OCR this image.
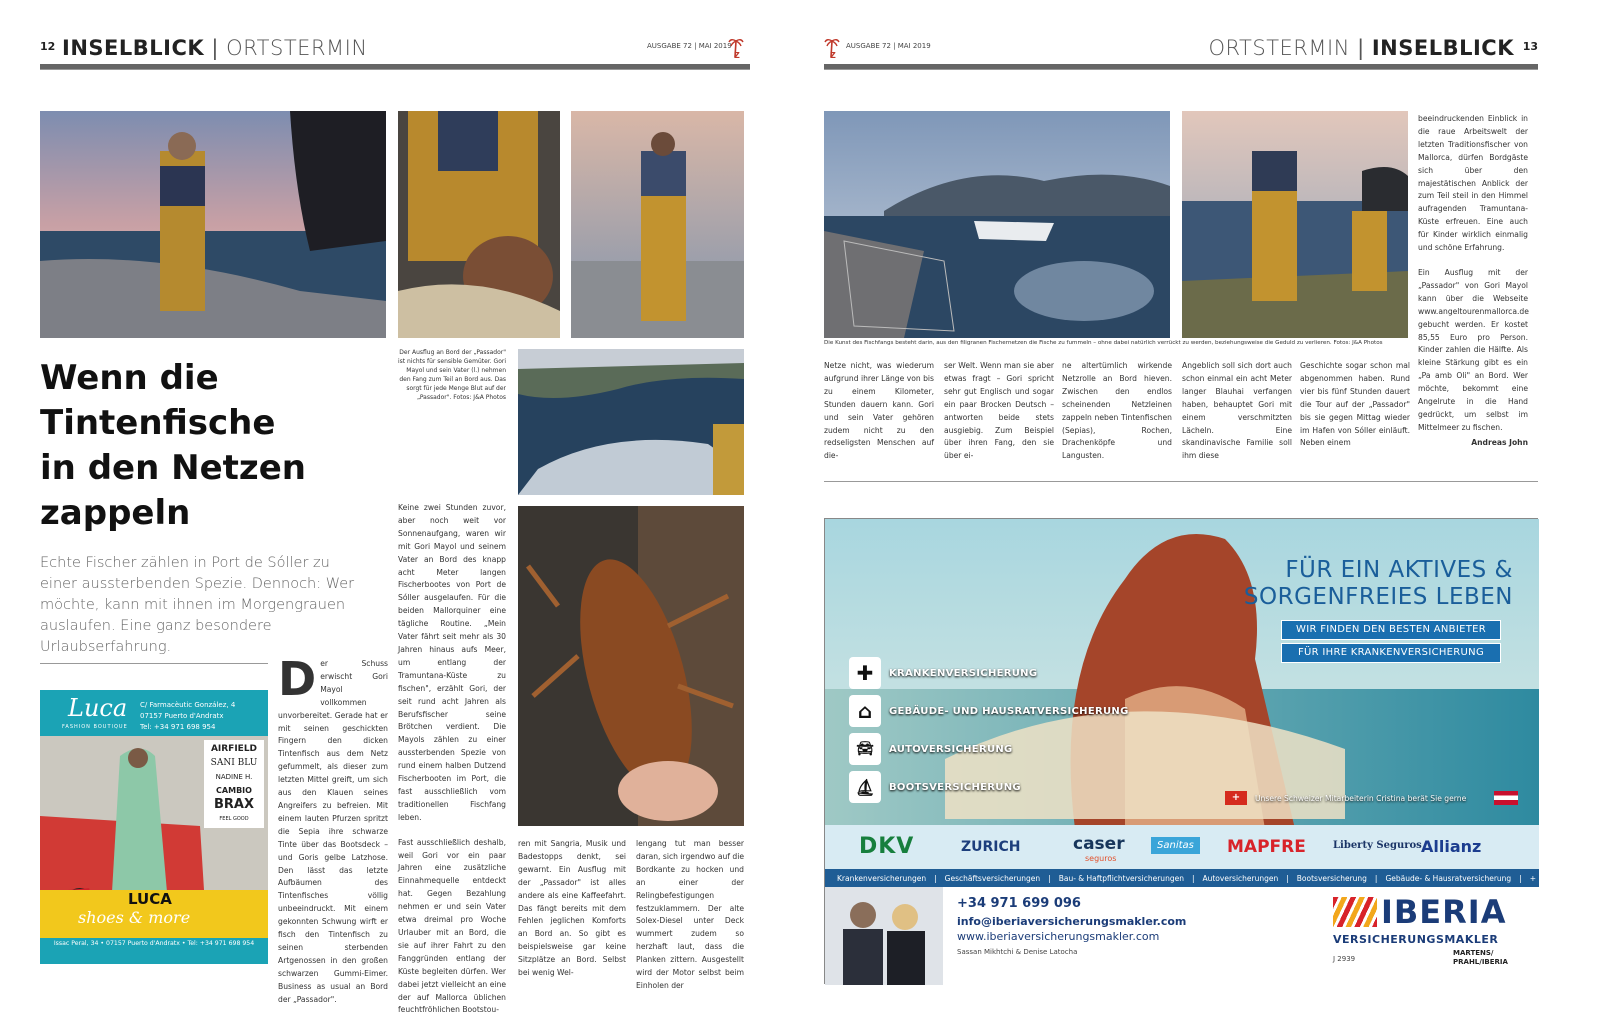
12 INSELBLICK | ORTSTERMIN	AUSGABE 72 | MAI 2019
Z
Der Ausflug an Bord der „Passador" ist nichts für sensible Gemüter. Gori Mayol und sein Vater (l.) nehmen den Fang zum Teil an Bord aus. Das sorgt für jede Menge Blut auf der „Passador". Fotos: J&A Photos
Wenn die
Tintenfische
in den Netzen
zappeln
Echte Fischer zählen in Port de Sóller zu einer aussterbenden Spezie. Dennoch: Wer möchte, kann mit ihnen im Morgengrauen auslaufen. Eine ganz besondere Urlaubserfahrung.
Der Schuss erwischt Gori Mayol vollkommen unvorbereitet. Gerade hat er mit seinen geschickten Fingern den dicken Tintenfisch aus dem Netz gefummelt, als dieser zum letzten Mittel greift, um sich aus den Klauen seines Angreifers zu befreien. Mit einem lauten Pfurzen spritzt die Sepia ihre schwarze Tinte über das Bootsdeck – und Goris gelbe Latzhose. Den lässt das letzte Aufbäumen des Tintenfisches völlig unbeeindruckt. Mit einem gekonnten Schwung wirft er fisch den Tintenfisch zu seinen sterbenden Artgenossen in den großen schwarzen Gummi-Eimer. Business as usual an Bord der „Passador".

Keine zwei Stunden zuvor, aber noch weit vor Sonnenaufgang, waren wir mit Gori Mayol und seinem Vater an Bord des knapp acht Meter langen Fischerbootes von Port de Sóller ausgelaufen. Für die beiden Mallorquiner eine tägliche Routine. „Mein Vater fährt seit mehr als 30 Jahren hinaus aufs Meer, um entlang der Tramuntana-Küste zu fischen", erzählt Gori, der seit rund acht Jahren als Berufsfischer seine Brötchen verdient. Die Mayols zählen zu einer aussterbenden Spezie von rund einem halben Dutzend Fischerbooten im Port, die fast ausschließlich vom traditionellen Fischfang leben.

Fast ausschließlich deshalb, weil Gori vor ein paar Jahren eine zusätzliche Einnahmequelle entdeckt hat. Gegen Bezahlung nehmen er und sein Vater etwa dreimal pro Woche Urlauber mit an Bord, die sie auf ihrer Fahrt zu den Fanggründen entlang der Küste begleiten dürfen. Wer dabei jetzt vielleicht an eine der auf Mallorca üblichen feuchtfröhlichen Bootstou-

ren mit Sangria, Musik und Badestopps denkt, sei gewarnt. Ein Ausflug mit der „Passador" ist alles andere als eine Kaffeefahrt. Das fängt bereits mit dem Fehlen jeglichen Komforts an Bord an. So gibt es beispielsweise gar keine Sitzplätze an Bord. Selbst bei wenig Wel-
lengang tut man besser daran, sich irgendwo auf die Bordkante zu hocken und an einer der Relingbefestigungen festzuklammern. Der alte Solex-Diesel unter Deck wummert zudem so herzhaft laut, dass die Planken zittern. Ausgestellt wird der Motor selbst beim Einholen der
Luca
FASHION BOUTIQUE
C/ Farmacèutic González, 4
07157 Puerto d'Andratx
Tel: +34 971 698 954
AIRFIELD
SANI BLU
NADINE H.
CAMBIO
BRAX
FEEL GOOD
LUCA
shoes & more
Issac Peral, 34 • 07157 Puerto d'Andratx • Tel: +34 971 698 954
Z
AUSGABE 72 | MAI 2019	ORTSTERMIN | INSELBLICK 13
Die Kunst des Fischfangs besteht darin, aus den filigranen Fischernetzen die Fische zu fummeln – ohne dabei natürlich verrückt zu werden, beziehungsweise die Geduld zu verlieren. Fotos: J&A Photos

beeindruckenden Einblick in die raue Arbeitswelt der letzten Traditionsfischer von Mallorca, dürfen Bordgäste sich über den majestätischen Anblick der zum Teil steil in den Himmel aufragenden Tramuntana-Küste erfreuen. Eine auch für Kinder wirklich einmalig und schöne Erfahrung.

Ein Ausflug mit der „Passador" von Gori Mayol kann über die Webseite www.angeltourenmallorca.de gebucht werden. Er kostet 85,55 Euro pro Person. Kinder zahlen die Hälfte. Als kleine Stärkung gibt es ein „Pa amb Oli" an Bord. Wer möchte, bekommt eine Angelrute in die Hand gedrückt, um selbst im Mittelmeer zu fischen.
Andreas John

Netze nicht, was wiederum aufgrund ihrer Länge von bis zu einem Kilometer, Stunden dauern kann. Gori und sein Vater gehören zudem nicht zu den redseligsten Menschen auf die-
ser Welt. Wenn man sie aber etwas fragt – Gori spricht sehr gut Englisch und sogar ein paar Brocken Deutsch – antworten beide stets ausgiebig. Zum Beispiel über ihren Fang, den sie über ei-
ne altertümlich wirkende Netzrolle an Bord hieven. Zwischen den endlos scheinenden Netzleinen zappeln neben Tintenfischen (Sepias), Rochen, Drachenköpfe und Langusten.
Angeblich soll sich dort auch schon einmal ein acht Meter langer Blauhai verfangen haben, behauptet Gori mit einem verschmitzten Lächeln. Eine skandinavische Familie soll ihm diese
Geschichte sogar schon mal abgenommen haben. Rund vier bis fünf Stunden dauert die Tour auf der „Passador" bis sie gegen Mittag wieder im Hafen von Sóller einläuft. Neben einem
FÜR EIN AKTIVES &
SORGENFREIES LEBEN
WIR FINDEN DEN BESTEN ANBIETER
FÜR IHRE KRANKENVERSICHERUNG
✚	KRANKENVERSICHERUNG
⌂	GEBÄUDE- UND HAUSRATVERSICHERUNG
🚘︎	AUTOVERSICHERUNG
⛵︎	BOOTSVERSICHERUNG
+	Unsere Schweizer Mitarbeiterin Cristina berät Sie gerne
DKV	ZURICH	caser
seguros
Sanitas	MAPFRE	Liberty Seguros Allianz
Krankenversicherungen | Geschäftsversicherungen | Bau- & Haftpflichtversicherungen | Autoversicherungen | Bootsversicherung | Gebäude- & Hausratversicherung | + UVM
+34 971 699 096
info@iberiaversicherungsmakler.com
www.iberiaversicherungsmakler.com
Sassan Mikhtchi & Denise Latocha
J 2939
IBERIA
VERSICHERUNGSMAKLER
MARTENS/
PRAHL/IBERIA
